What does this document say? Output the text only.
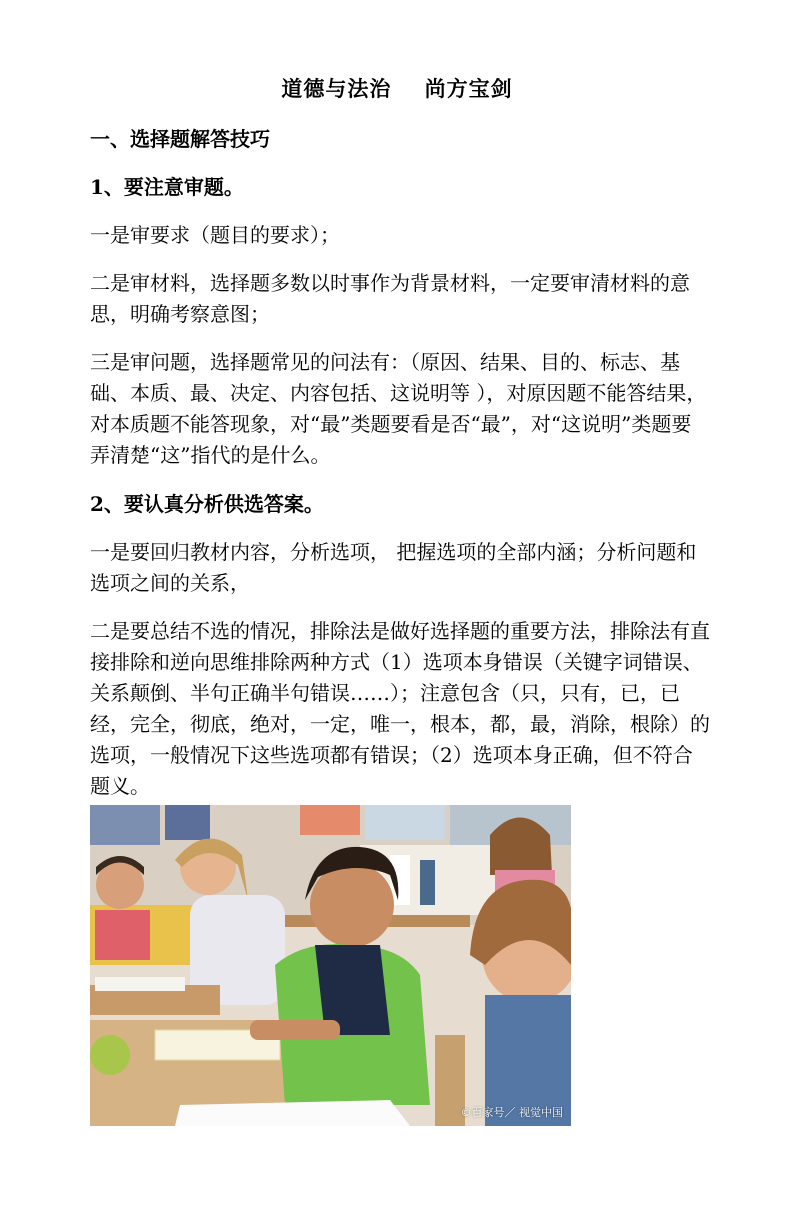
道德与法治    尚方宝剑
一、选择题解答技巧
1、要注意审题。
一是审要求（题目的要求）；
二是审材料，选择题多数以时事作为背景材料，一定要审清材料的意思，明确考察意图；
三是审问题，选择题常见的问法有：（原因、结果、目的、标志、基础、本质、最、决定、内容包括、这说明等 ），对原因题不能答结果，对本质题不能答现象，对“最”类题要看是否“最”，对“这说明”类题要弄清楚“这”指代的是什么。
2、要认真分析供选答案。
一是要回归教材内容，分析选项， 把握选项的全部内涵；分析问题和选项之间的关系，
二是要总结不选的情况，排除法是做好选择题的重要方法，排除法有直接排除和逆向思维排除两种方式（1）选项本身错误（关键字词错误、关系颠倒、半句正确半句错误……）；注意包含（只，只有，已，已经，完全，彻底，绝对，一定，唯一，根本，都，最，消除，根除）的选项，一般情况下这些选项都有错误；（2）选项本身正确，但不符合题义。
©百家号／ 视觉中国
